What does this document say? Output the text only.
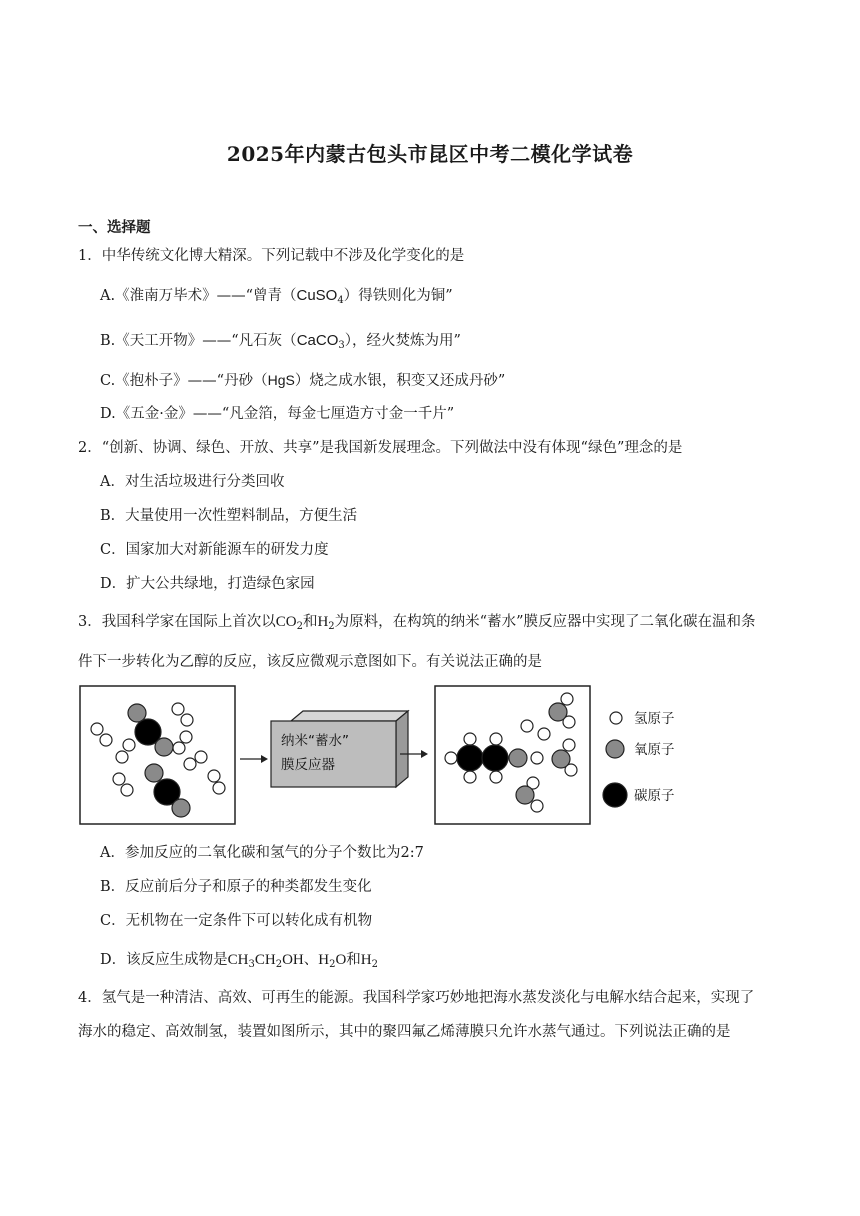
2025年内蒙古包头市昆区中考二模化学试卷
一、选择题
1．中华传统文化博大精深。下列记载中不涉及化学变化的是
A.《淮南万毕术》——“曾青（CuSO$_4$）得铁则化为铜”
B.《天工开物》——“凡石灰（CaCO$_3$），经火焚炼为用”
C.《抱朴子》——“丹砂（HgS）烧之成水银，积变又还成丹砂”
D.《五金·金》——“凡金箔，每金七厘造方寸金一千片”
2．“创新、协调、绿色、开放、共享”是我国新发展理念。下列做法中没有体现“绿色”理念的是
A．对生活垃圾进行分类回收
B．大量使用一次性塑料制品，方便生活
C．国家加大对新能源车的研发力度
D．扩大公共绿地，打造绿色家园
3．我国科学家在国际上首次以$CO_2$和$H_2$为原料，在构筑的纳米“蓄水”膜反应器中实现了二氧化碳在温和条
件下一步转化为乙醇的反应，该反应微观示意图如下。有关说法正确的是
纳米“蓄水”
膜反应器
氢原子
氧原子
碳原子
A．参加反应的二氧化碳和氢气的分子个数比为2:7
B．反应前后分子和原子的种类都发生变化
C．无机物在一定条件下可以转化成有机物
D．该反应生成物是$CH_3CH_2OH$、$H_2O$和$H_2$
4．氢气是一种清洁、高效、可再生的能源。我国科学家巧妙地把海水蒸发淡化与电解水结合起来，实现了
海水的稳定、高效制氢，装置如图所示，其中的聚四氟乙烯薄膜只允许水蒸气通过。下列说法正确的是
